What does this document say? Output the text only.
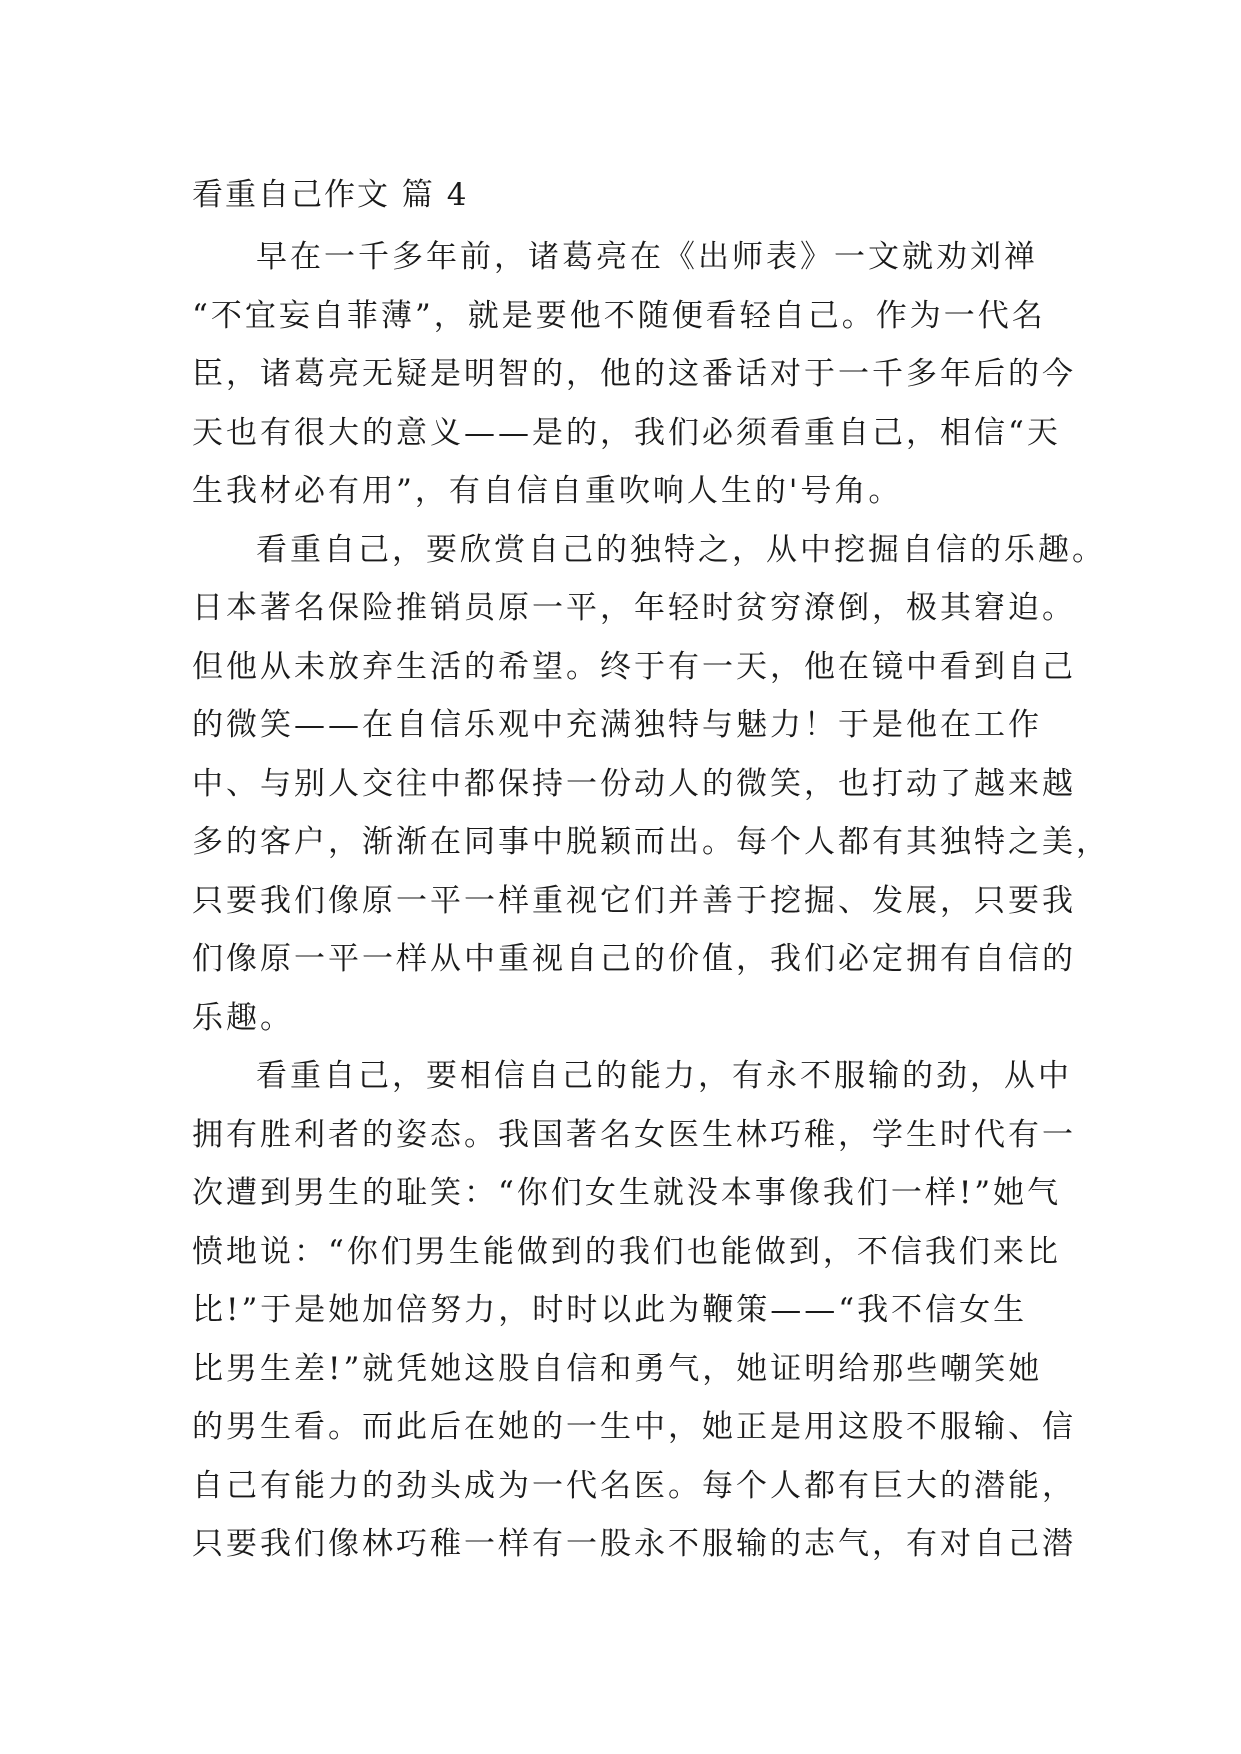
看重自己作文 篇 4
早在一千多年前，诸葛亮在《出师表》一文就劝刘禅
“不宜妄自菲薄”，就是要他不随便看轻自己。作为一代名
臣，诸葛亮无疑是明智的，他的这番话对于一千多年后的今
天也有很大的意义——是的，我们必须看重自己，相信“天
生我材必有用”，有自信自重吹响人生的'号角。
看重自己，要欣赏自己的独特之，从中挖掘自信的乐趣。
日本著名保险推销员原一平，年轻时贫穷潦倒，极其窘迫。
但他从未放弃生活的希望。终于有一天，他在镜中看到自己
的微笑——在自信乐观中充满独特与魅力！于是他在工作
中、与别人交往中都保持一份动人的微笑，也打动了越来越
多的客户，渐渐在同事中脱颖而出。每个人都有其独特之美，
只要我们像原一平一样重视它们并善于挖掘、发展，只要我
们像原一平一样从中重视自己的价值，我们必定拥有自信的
乐趣。
看重自己，要相信自己的能力，有永不服输的劲，从中
拥有胜利者的姿态。我国著名女医生林巧稚，学生时代有一
次遭到男生的耻笑：“你们女生就没本事像我们一样!”她气
愤地说：“你们男生能做到的我们也能做到，不信我们来比
比!”于是她加倍努力，时时以此为鞭策——“我不信女生
比男生差!”就凭她这股自信和勇气，她证明给那些嘲笑她
的男生看。而此后在她的一生中，她正是用这股不服输、信
自己有能力的劲头成为一代名医。每个人都有巨大的潜能，
只要我们像林巧稚一样有一股永不服输的志气，有对自己潜
